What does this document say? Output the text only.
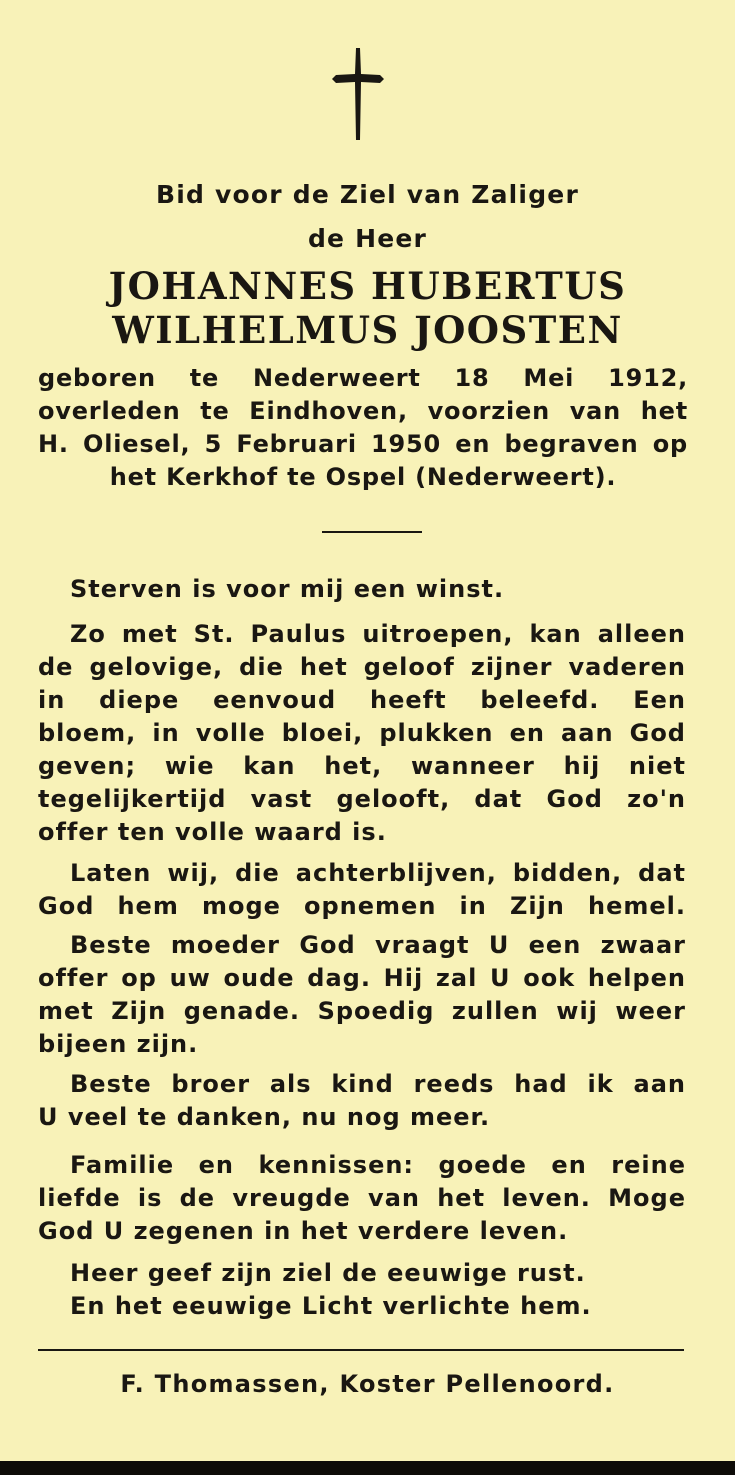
Bid voor de Ziel van Zaliger
de Heer
JOHANNES HUBERTUS
WILHELMUS JOOSTEN
geboren te Nederweert 18 Mei 1912,
overleden te Eindhoven, voorzien van het
H. Oliesel, 5 Februari 1950 en begraven op
het Kerkhof te Ospel (Nederweert).
Sterven is voor mij een winst.
Zo met St. Paulus uitroepen, kan alleen
de gelovige, die het geloof zijner vaderen
in diepe eenvoud heeft beleefd. Een
bloem, in volle bloei, plukken en aan God
geven; wie kan het, wanneer hij niet
tegelijkertijd vast gelooft, dat God zo'n
offer ten volle waard is.
Laten wij, die achterblijven, bidden, dat
God hem moge opnemen in Zijn hemel.
Beste moeder God vraagt U een zwaar
offer op uw oude dag. Hij zal U ook helpen
met Zijn genade. Spoedig zullen wij weer
bijeen zijn.
Beste broer als kind reeds had ik aan
U veel te danken, nu nog meer.
Familie en kennissen: goede en reine
liefde is de vreugde van het leven. Moge
God U zegenen in het verdere leven.
Heer geef zijn ziel de eeuwige rust.
En het eeuwige Licht verlichte hem.
F. Thomassen, Koster Pellenoord.
